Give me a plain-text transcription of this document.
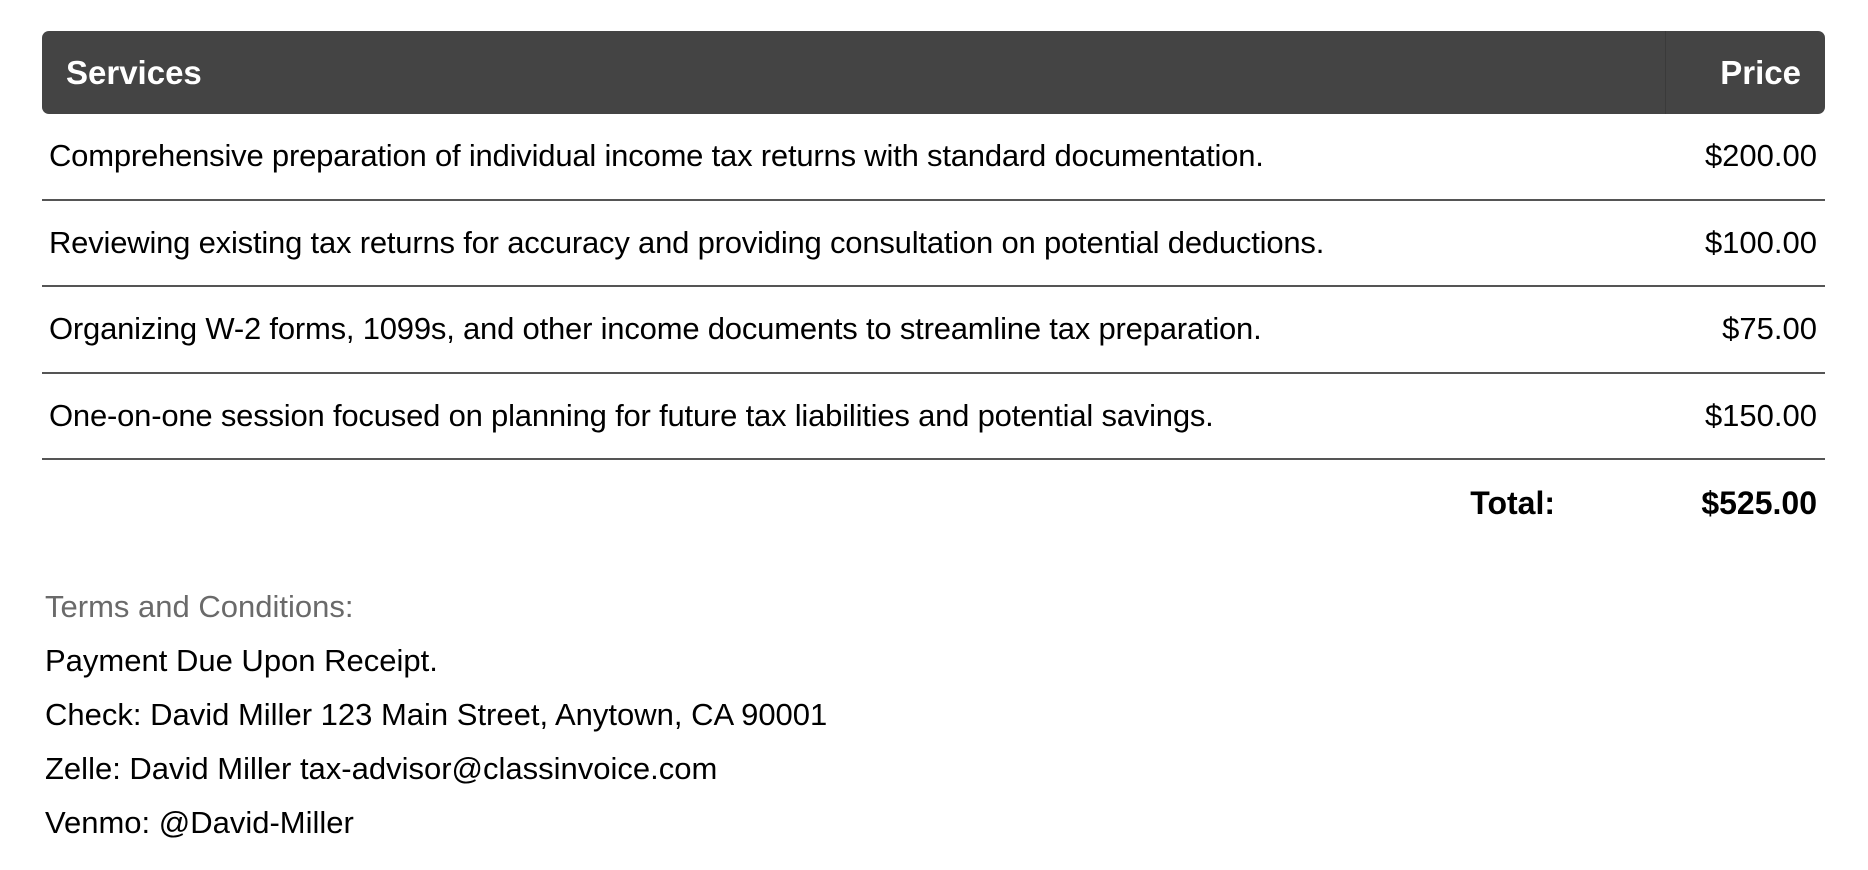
Services	Price
Comprehensive preparation of individual income tax returns with standard documentation.	$200.00
Reviewing existing tax returns for accuracy and providing consultation on potential deductions.	$100.00
Organizing W-2 forms, 1099s, and other income documents to streamline tax preparation.	$75.00
One-on-one session focused on planning for future tax liabilities and potential savings.	$150.00
Total:	$525.00
Terms and Conditions:
Payment Due Upon Receipt.
Check: David Miller 123 Main Street, Anytown, CA 90001
Zelle: David Miller tax-advisor@classinvoice.com
Venmo: @David-Miller
